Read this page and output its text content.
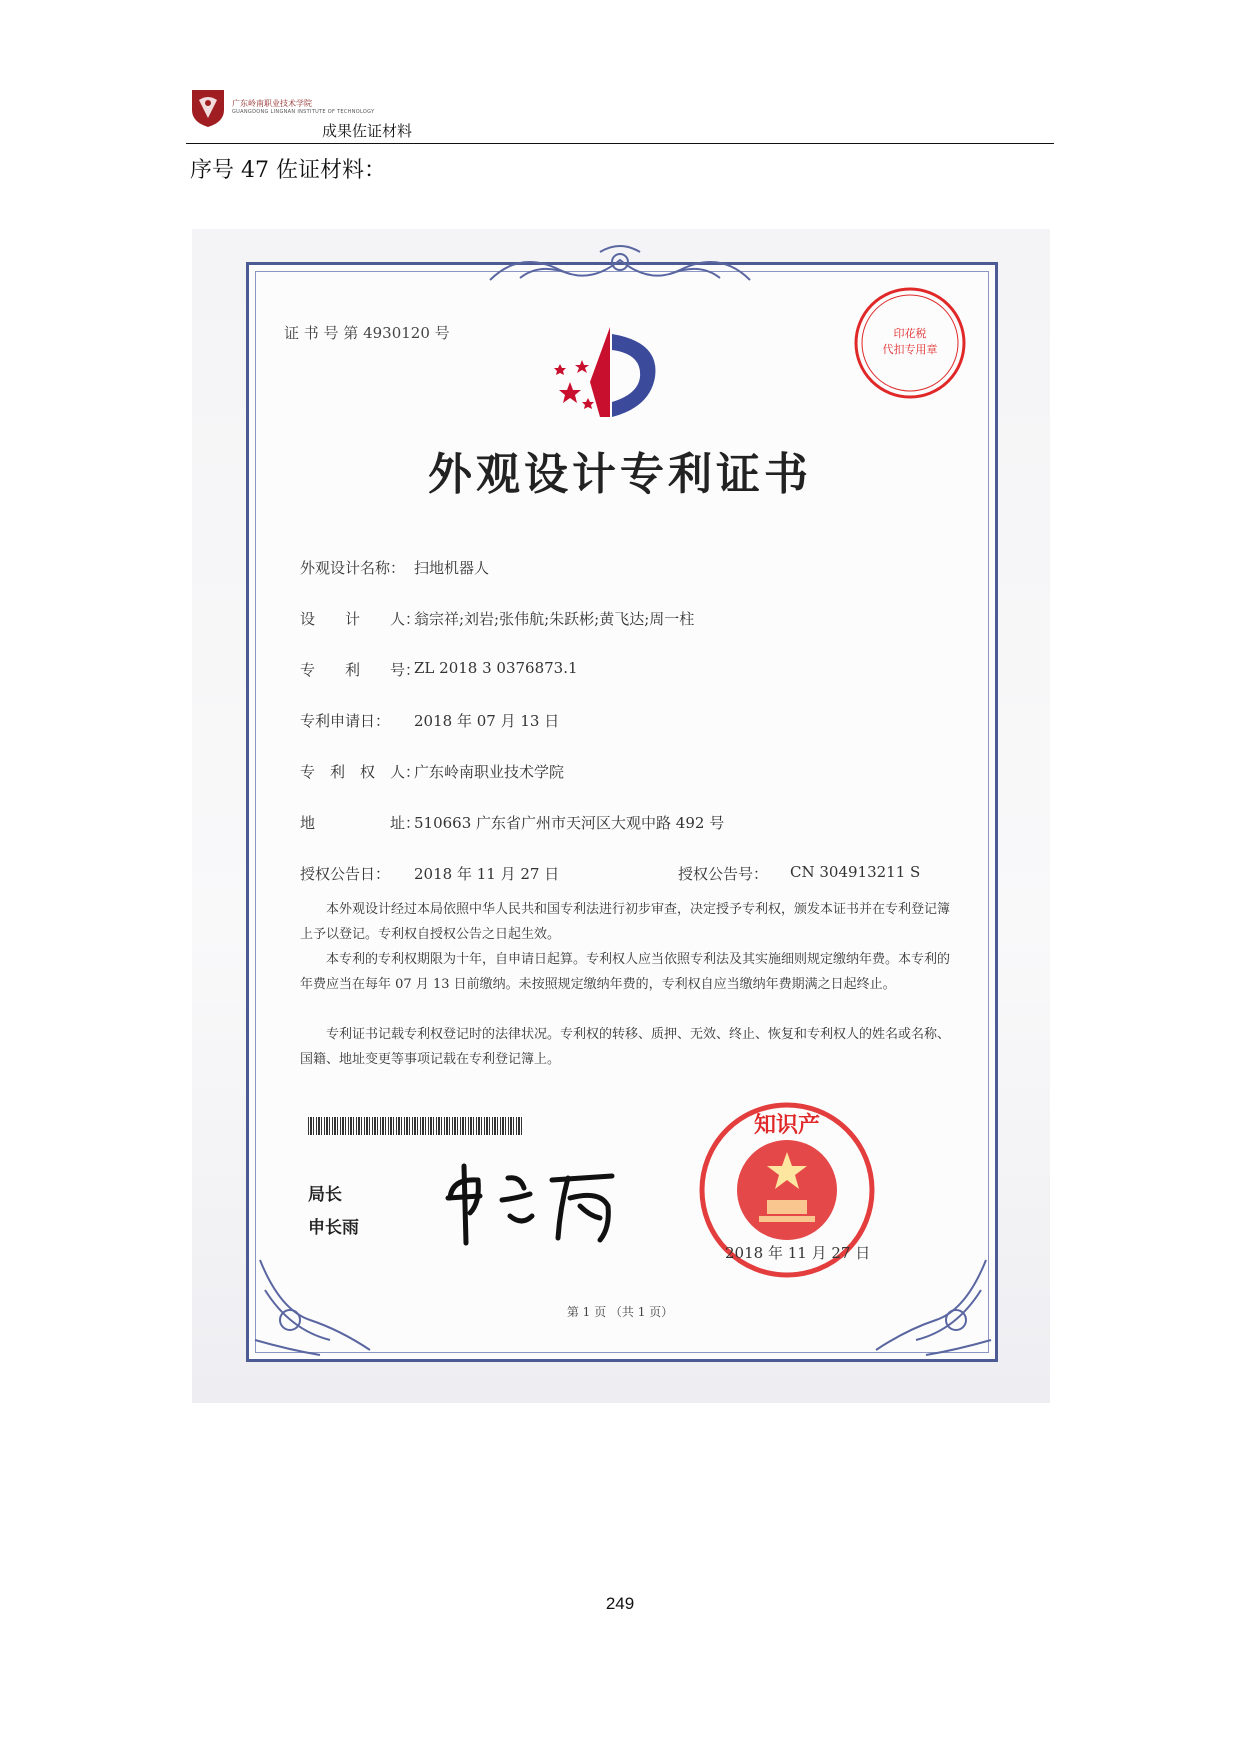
广东岭南职业技术学院
GUANGDONG LINGNAN INSTITUTE OF TECHNOLOGY
成果佐证材料
序号 47 佐证材料：
印花税
代扣专用章
证 书 号 第 4930120 号
外观设计专利证书
外观设计名称： 扫地机器人
设　　计　　人：
翁宗祥;刘岩;张伟航;朱跃彬;黄飞达;周一柱
专　　利　　号：
ZL 2018 3 0376873.1
专利申请日： 2018 年 07 月 13 日
专　利　权　人：
广东岭南职业技术学院
地　　　　　址：
510663 广东省广州市天河区大观中路 492 号
授权公告日： 2018 年 11 月 27 日	授权公告号： CN 304913211 S
　　本外观设计经过本局依照中华人民共和国专利法进行初步审查，决定授予专利权，颁发本证书并在专利登记簿上予以登记。专利权自授权公告之日起生效。
　　本专利的专利权期限为十年，自申请日起算。专利权人应当依照专利法及其实施细则规定缴纳年费。本专利的年费应当在每年 07 月 13 日前缴纳。未按照规定缴纳年费的，专利权自应当缴纳年费期满之日起终止。
　　专利证书记载专利权登记时的法律状况。专利权的转移、质押、无效、终止、恢复和专利权人的姓名或名称、国籍、地址变更等事项记载在专利登记簿上。
局长
申长雨
知识产
2018 年 11 月 27 日
第 1 页 （共 1 页）
249
